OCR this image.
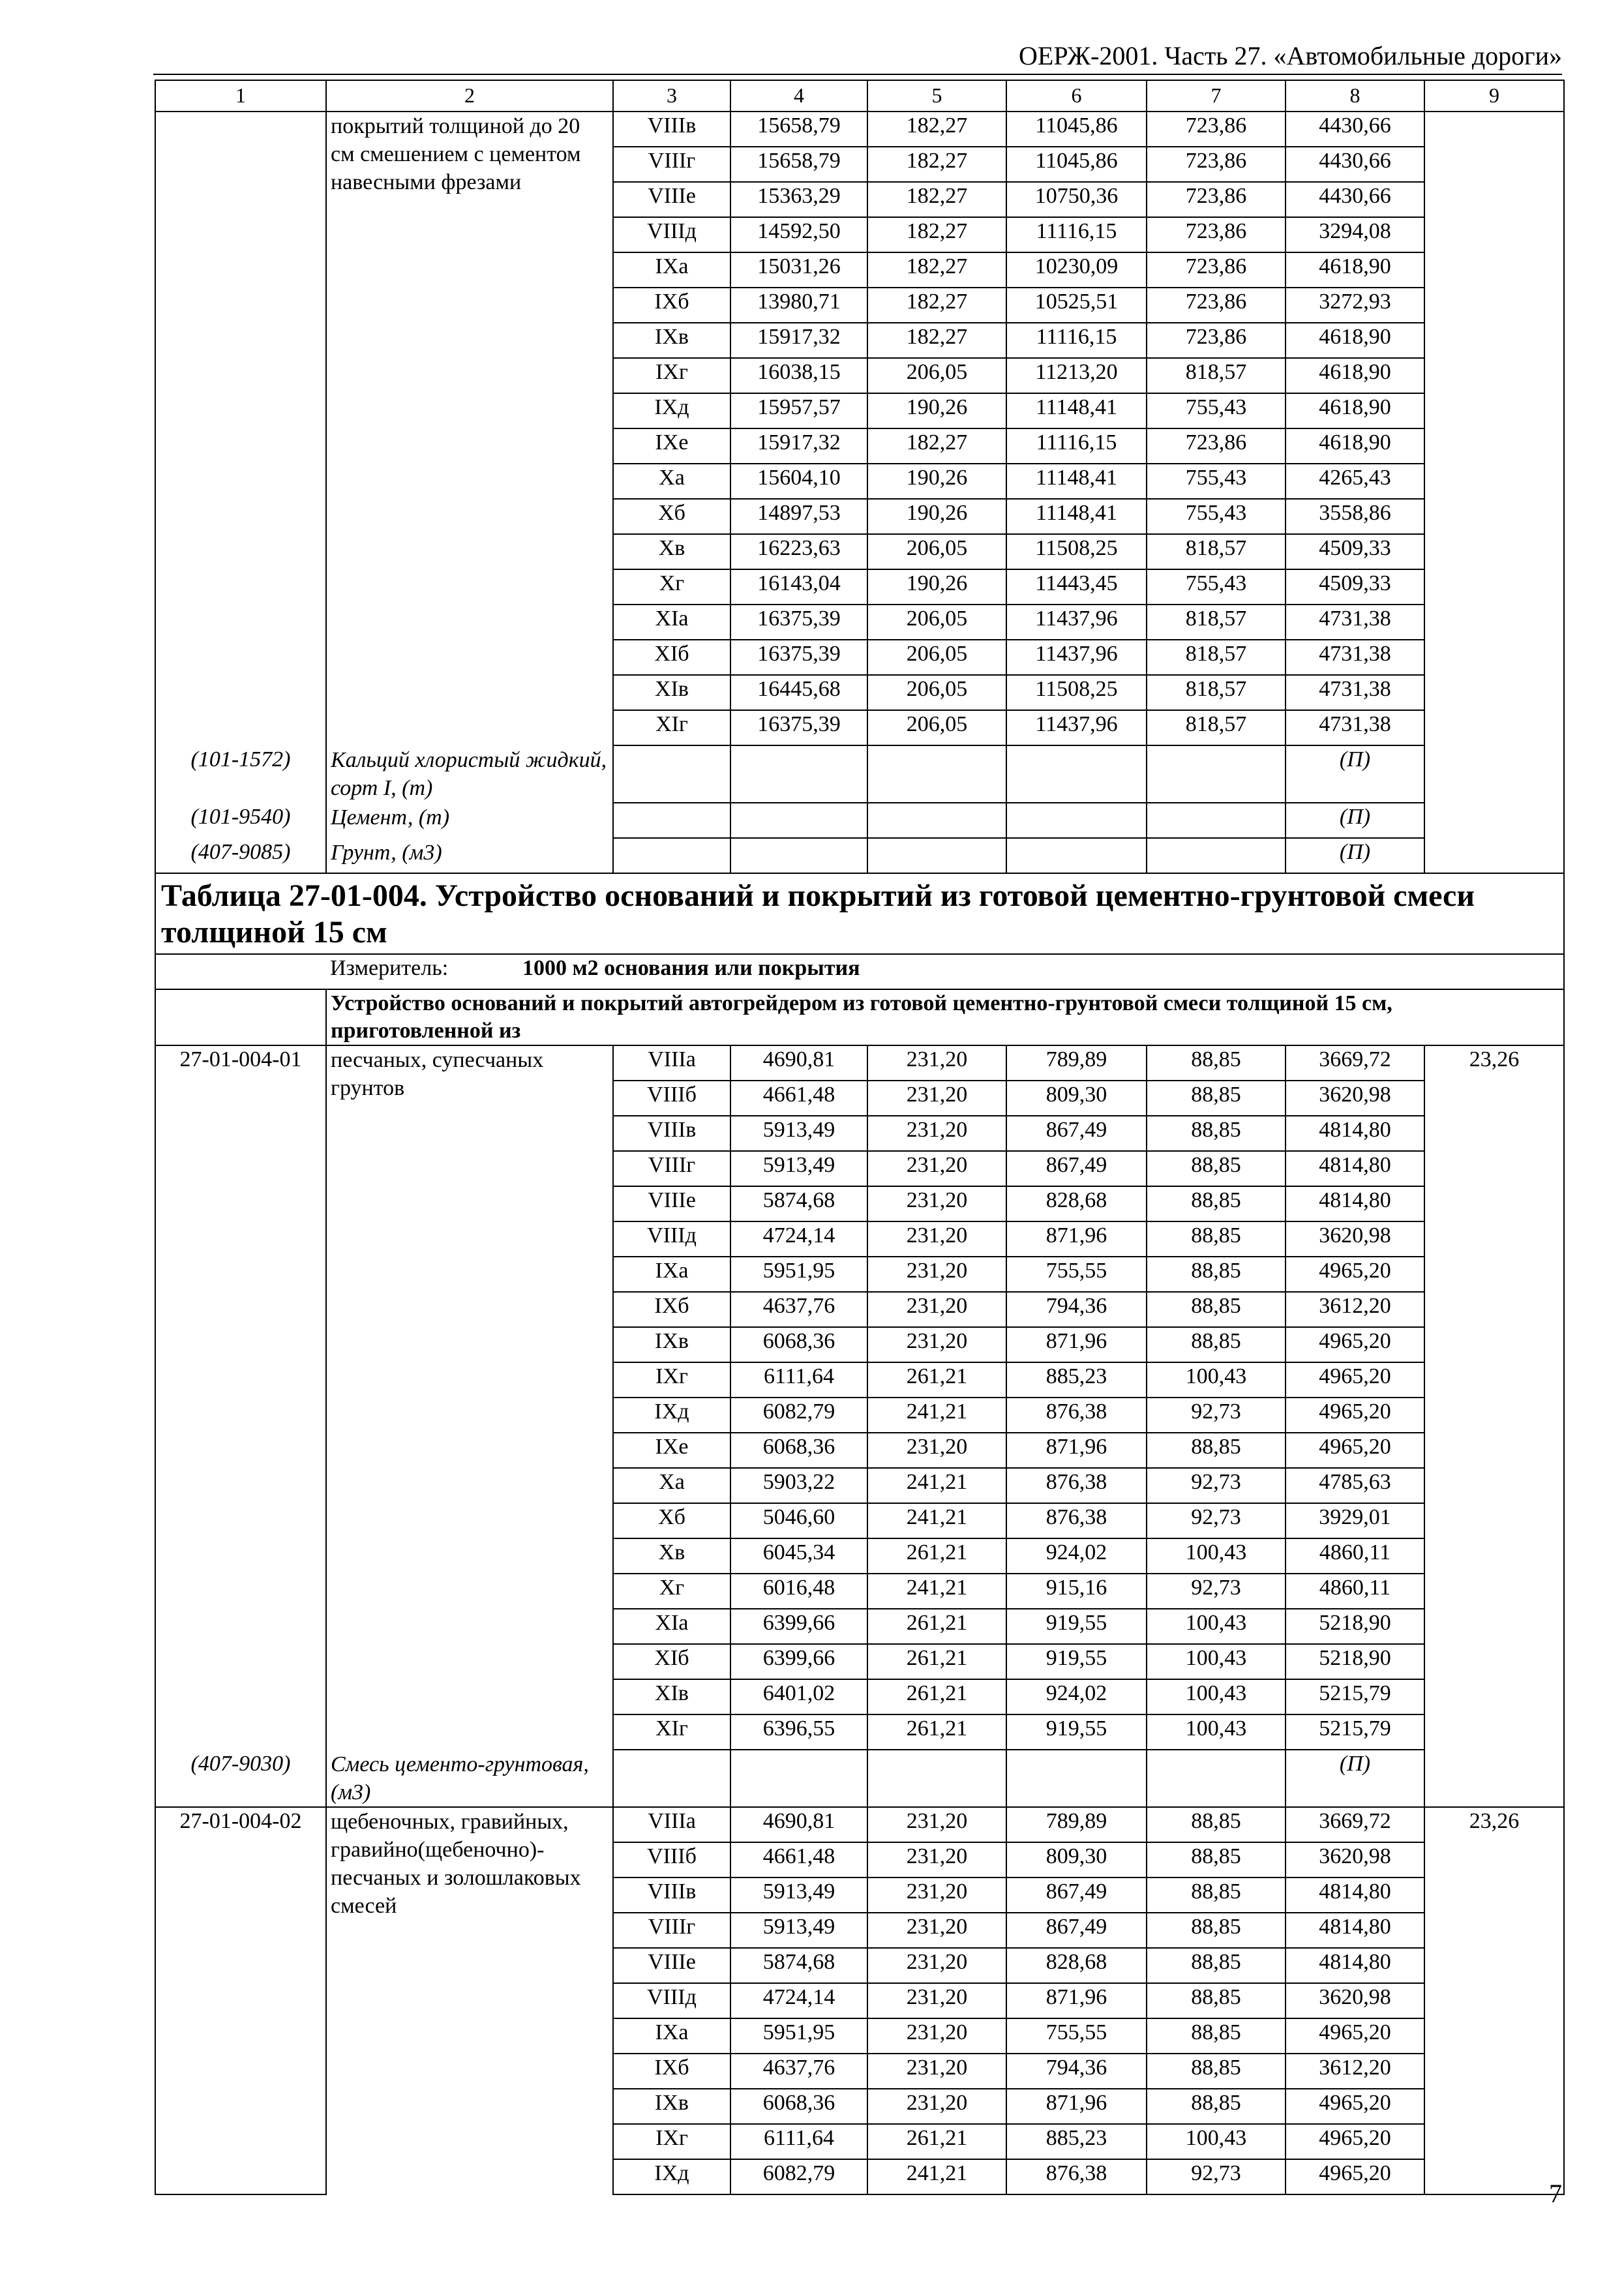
ОЕРЖ-2001. Часть 27. «Автомобильные дороги»
1	2	3	4	5	6	7	8	9
	покрытий толщиной до 20 см смешением с цементом навесными фрезами	VIIIв	15658,79	182,27	11045,86	723,86	4430,66	
		VIIIг	15658,79	182,27	11045,86	723,86	4430,66	
		VIIIе	15363,29	182,27	10750,36	723,86	4430,66	
		VIIIд	14592,50	182,27	11116,15	723,86	3294,08	
		IXа	15031,26	182,27	10230,09	723,86	4618,90	
		IXб	13980,71	182,27	10525,51	723,86	3272,93	
		IXв	15917,32	182,27	11116,15	723,86	4618,90	
		IXг	16038,15	206,05	11213,20	818,57	4618,90	
		IXд	15957,57	190,26	11148,41	755,43	4618,90	
		IXе	15917,32	182,27	11116,15	723,86	4618,90	
		Xа	15604,10	190,26	11148,41	755,43	4265,43	
		Xб	14897,53	190,26	11148,41	755,43	3558,86	
		Xв	16223,63	206,05	11508,25	818,57	4509,33	
		Xг	16143,04	190,26	11443,45	755,43	4509,33	
		XIа	16375,39	206,05	11437,96	818,57	4731,38	
		XIб	16375,39	206,05	11437,96	818,57	4731,38	
		XIв	16445,68	206,05	11508,25	818,57	4731,38	
		XIг	16375,39	206,05	11437,96	818,57	4731,38	
(101-1572)	Кальций хлористый жидкий, сорт I, (т)						(П)	
(101-9540)	Цемент, (т)						(П)	
(407-9085)	Грунт, (м3)						(П)	
Таблица 27-01-004. Устройство оснований и покрытий из готовой цементно-грунтовой смеси толщиной 15 см								
	Измеритель: 1000 м2 основания или покрытия							
	Устройство оснований и покрытий автогрейдером из готовой цементно-грунтовой смеси толщиной 15 см, приготовленной из							
27-01-004-01	песчаных, супесчаных грунтов	VIIIа	4690,81	231,20	789,89	88,85	3669,72	23,26
		VIIIб	4661,48	231,20	809,30	88,85	3620,98	
		VIIIв	5913,49	231,20	867,49	88,85	4814,80	
		VIIIг	5913,49	231,20	867,49	88,85	4814,80	
		VIIIе	5874,68	231,20	828,68	88,85	4814,80	
		VIIIд	4724,14	231,20	871,96	88,85	3620,98	
		IXа	5951,95	231,20	755,55	88,85	4965,20	
		IXб	4637,76	231,20	794,36	88,85	3612,20	
		IXв	6068,36	231,20	871,96	88,85	4965,20	
		IXг	6111,64	261,21	885,23	100,43	4965,20	
		IXд	6082,79	241,21	876,38	92,73	4965,20	
		IXе	6068,36	231,20	871,96	88,85	4965,20	
		Xа	5903,22	241,21	876,38	92,73	4785,63	
		Xб	5046,60	241,21	876,38	92,73	3929,01	
		Xв	6045,34	261,21	924,02	100,43	4860,11	
		Xг	6016,48	241,21	915,16	92,73	4860,11	
		XIа	6399,66	261,21	919,55	100,43	5218,90	
		XIб	6399,66	261,21	919,55	100,43	5218,90	
		XIв	6401,02	261,21	924,02	100,43	5215,79	
		XIг	6396,55	261,21	919,55	100,43	5215,79	
(407-9030)	Смесь цементо-грунтовая, (м3)						(П)	
27-01-004-02	щебеночных, гравийных, гравийно(щебеночно)-песчаных и золошлаковых смесей	VIIIа	4690,81	231,20	789,89	88,85	3669,72	23,26
		VIIIб	4661,48	231,20	809,30	88,85	3620,98	
		VIIIв	5913,49	231,20	867,49	88,85	4814,80	
		VIIIг	5913,49	231,20	867,49	88,85	4814,80	
		VIIIе	5874,68	231,20	828,68	88,85	4814,80	
		VIIIд	4724,14	231,20	871,96	88,85	3620,98	
		IXа	5951,95	231,20	755,55	88,85	4965,20	
		IXб	4637,76	231,20	794,36	88,85	3612,20	
		IXв	6068,36	231,20	871,96	88,85	4965,20	
		IXг	6111,64	261,21	885,23	100,43	4965,20	
		IXд	6082,79	241,21	876,38	92,73	4965,20	
7
